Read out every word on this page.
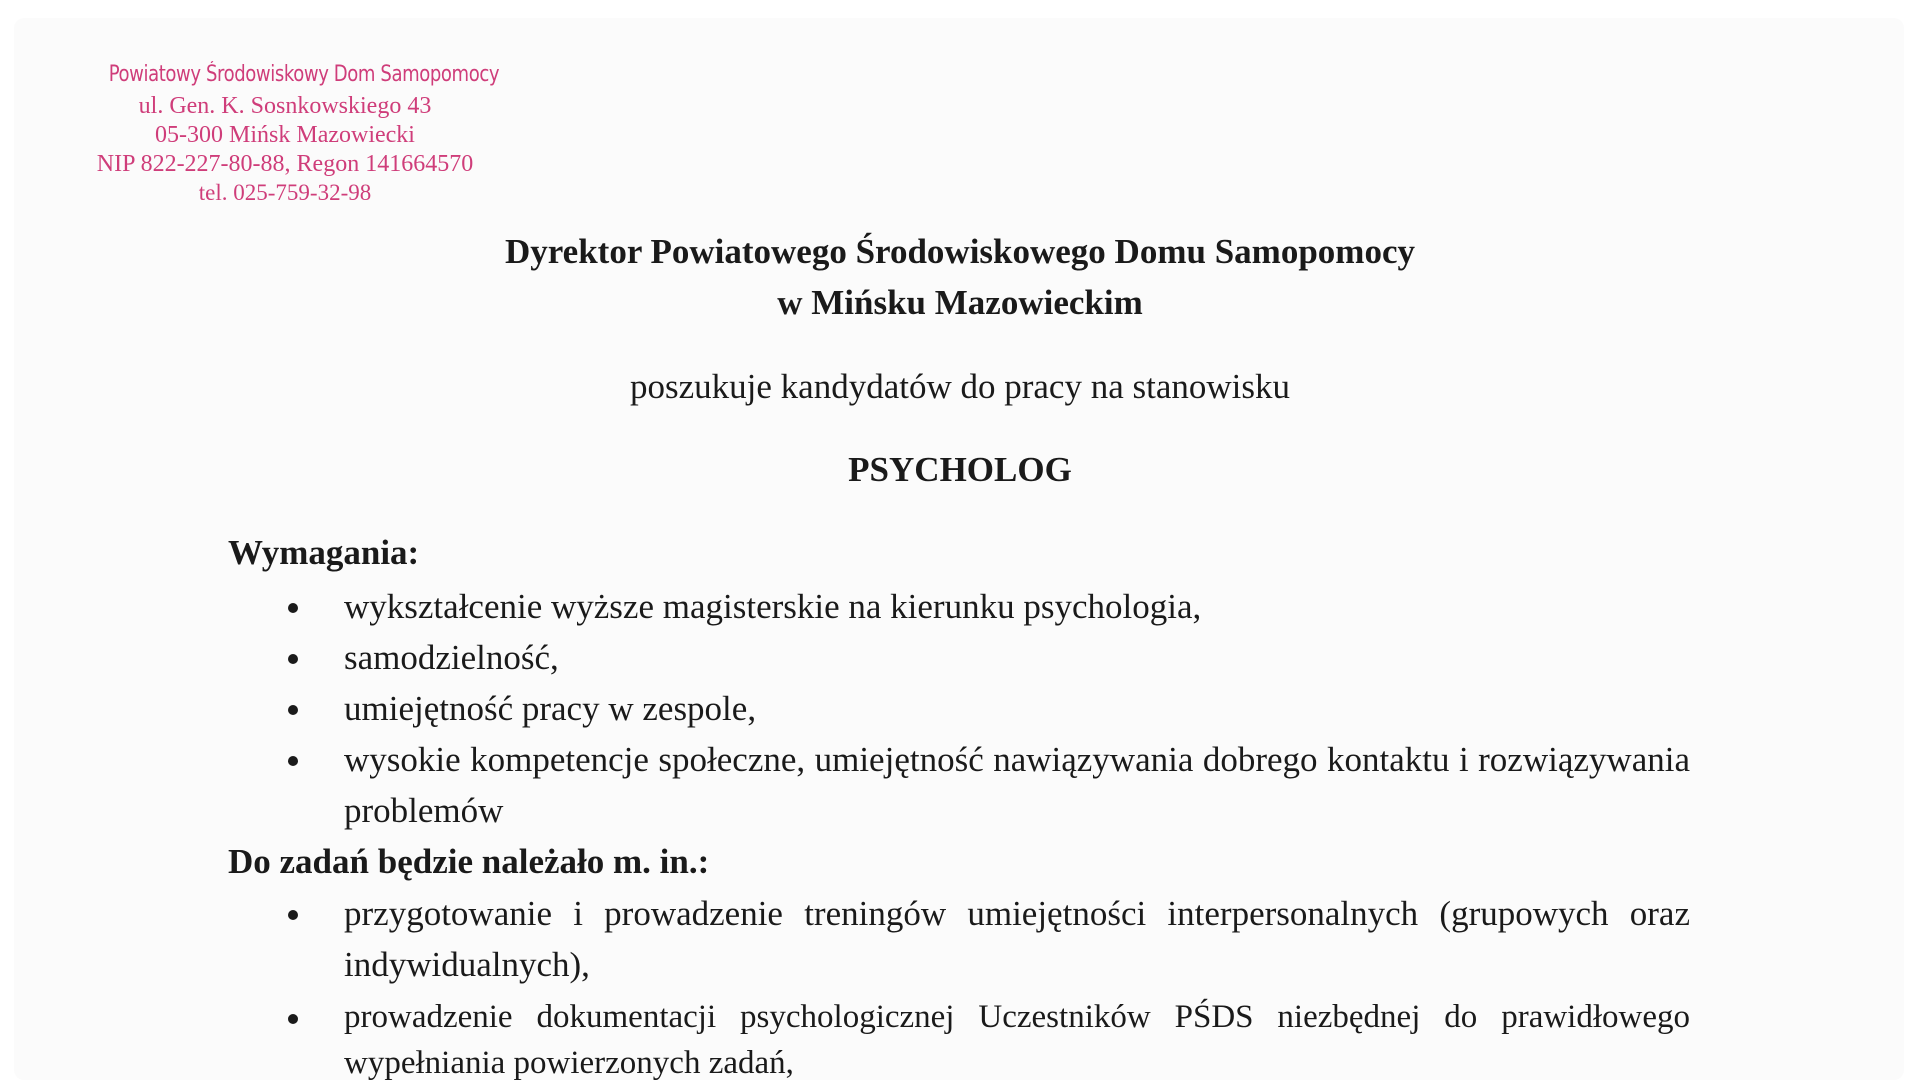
Powiatowy Środowiskowy Dom Samopomocy
ul. Gen. K. Sosnkowskiego 43
05-300 Mińsk Mazowiecki
NIP 822-227-80-88, Regon 141664570
tel. 025-759-32-98
Dyrektor Powiatowego Środowiskowego Domu Samopomocy
w Mińsku Mazowieckim
poszukuje kandydatów do pracy na stanowisku
PSYCHOLOG
Wymagania:
wykształcenie wyższe magisterskie na kierunku psychologia,
samodzielność,
umiejętność pracy w zespole,
wysokie kompetencje społeczne, umiejętność nawiązywania dobrego kontaktu i rozwiązywania problemów
Do zadań będzie należało m. in.:
przygotowanie i prowadzenie treningów umiejętności interpersonalnych (grupowych oraz indywidualnych),
prowadzenie dokumentacji psychologicznej Uczestników PŚDS niezbędnej do prawidłowego wypełniania powierzonych zadań,
